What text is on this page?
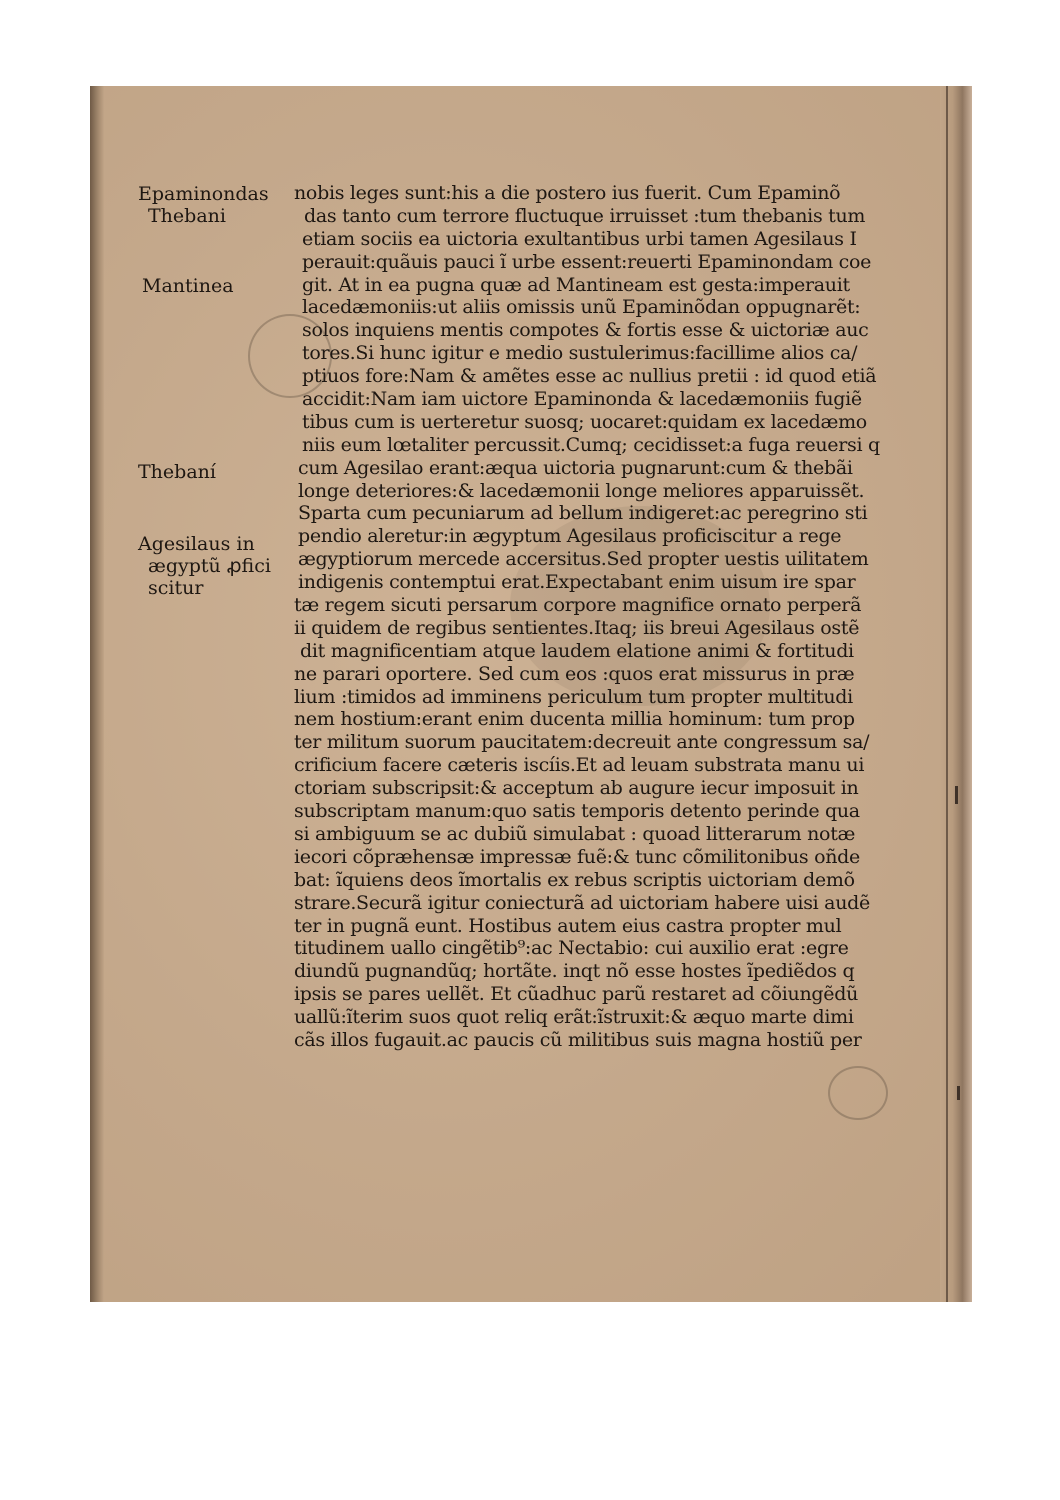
Epaminondas
Thebani
Mantinea
Thebaní
Agesilaus in
ægyptũ ꝓfici
scitur
nobis leges sunt:his a die postero ius fuerit. Cum Epaminõ
das tanto cum terrore fluctuque irruisset :tum thebanis tum
etiam sociis ea uictoria exultantibus urbi tamen Agesilaus I
perauit:quãuis pauci ĩ urbe essent:reuerti Epaminondam coe
git. At in ea pugna quæ ad Mantineam est gesta:imperauit
lacedæmoniis:ut aliis omissis unũ Epaminõdan oppugnarẽt:
solos inquiens mentis compotes & fortis esse & uictoriæ auc
tores.Si hunc igitur e medio sustulerimus:facillime alios ca/
ptiuos fore:Nam & amẽtes esse ac nullius pretii : id quod etiã
accidit:Nam iam uictore Epaminonda & lacedæmoniis fugiẽ
tibus cum is uerteretur suosq; uocaret:quidam ex lacedæmo
niis eum lœtaliter percussit.Cumq; cecidisset:a fuga reuersi q
cum Agesilao erant:æqua uictoria pugnarunt:cum & thebãi
longe deteriores:& lacedæmonii longe meliores apparuissẽt.
Sparta cum pecuniarum ad bellum indigeret:ac peregrino sti
pendio aleretur:in ægyptum Agesilaus proficiscitur a rege
ægyptiorum mercede accersitus.Sed propter uestis uilitatem
indigenis contemptui erat.Expectabant enim uisum ire spar
tæ regem sicuti persarum corpore magnifice ornato perperã
ii quidem de regibus sentientes.Itaq; iis breui Agesilaus ostẽ
dit magnificentiam atque laudem elatione animi & fortitudi
ne parari oportere. Sed cum eos :quos erat missurus in præ
lium :timidos ad imminens periculum tum propter multitudi
nem hostium:erant enim ducenta millia hominum: tum prop
ter militum suorum paucitatem:decreuit ante congressum sa/
crificium facere cæteris iscíis.Et ad leuam substrata manu ui
ctoriam subscripsit:& acceptum ab augure iecur imposuit in
subscriptam manum:quo satis temporis detento perinde qua
si ambiguum se ac dubiũ simulabat : quoad litterarum notæ
iecori cõpræhensæ impressæ fuẽ:& tunc cõmilitonibus oñde
bat: ĩquiens deos ĩmortalis ex rebus scriptis uictoriam demõ
strare.Securã igitur coniecturã ad uictoriam habere uisi audẽ
ter in pugnã eunt. Hostibus autem eius castra propter mul
titudinem uallo cingẽtib⁹:ac Nectabio: cui auxilio erat :egre
diundũ pugnandũq; hortãte. inqt nõ esse hostes ĩpediẽdos q
ipsis se pares uellẽt. Et cũadhuc parũ restaret ad cõiungẽdũ
uallũ:ĩterim suos quot reliq erãt:ĩstruxit:& æquo marte dimi
cãs illos fugauit.ac paucis cũ militibus suis magna hostiũ per
